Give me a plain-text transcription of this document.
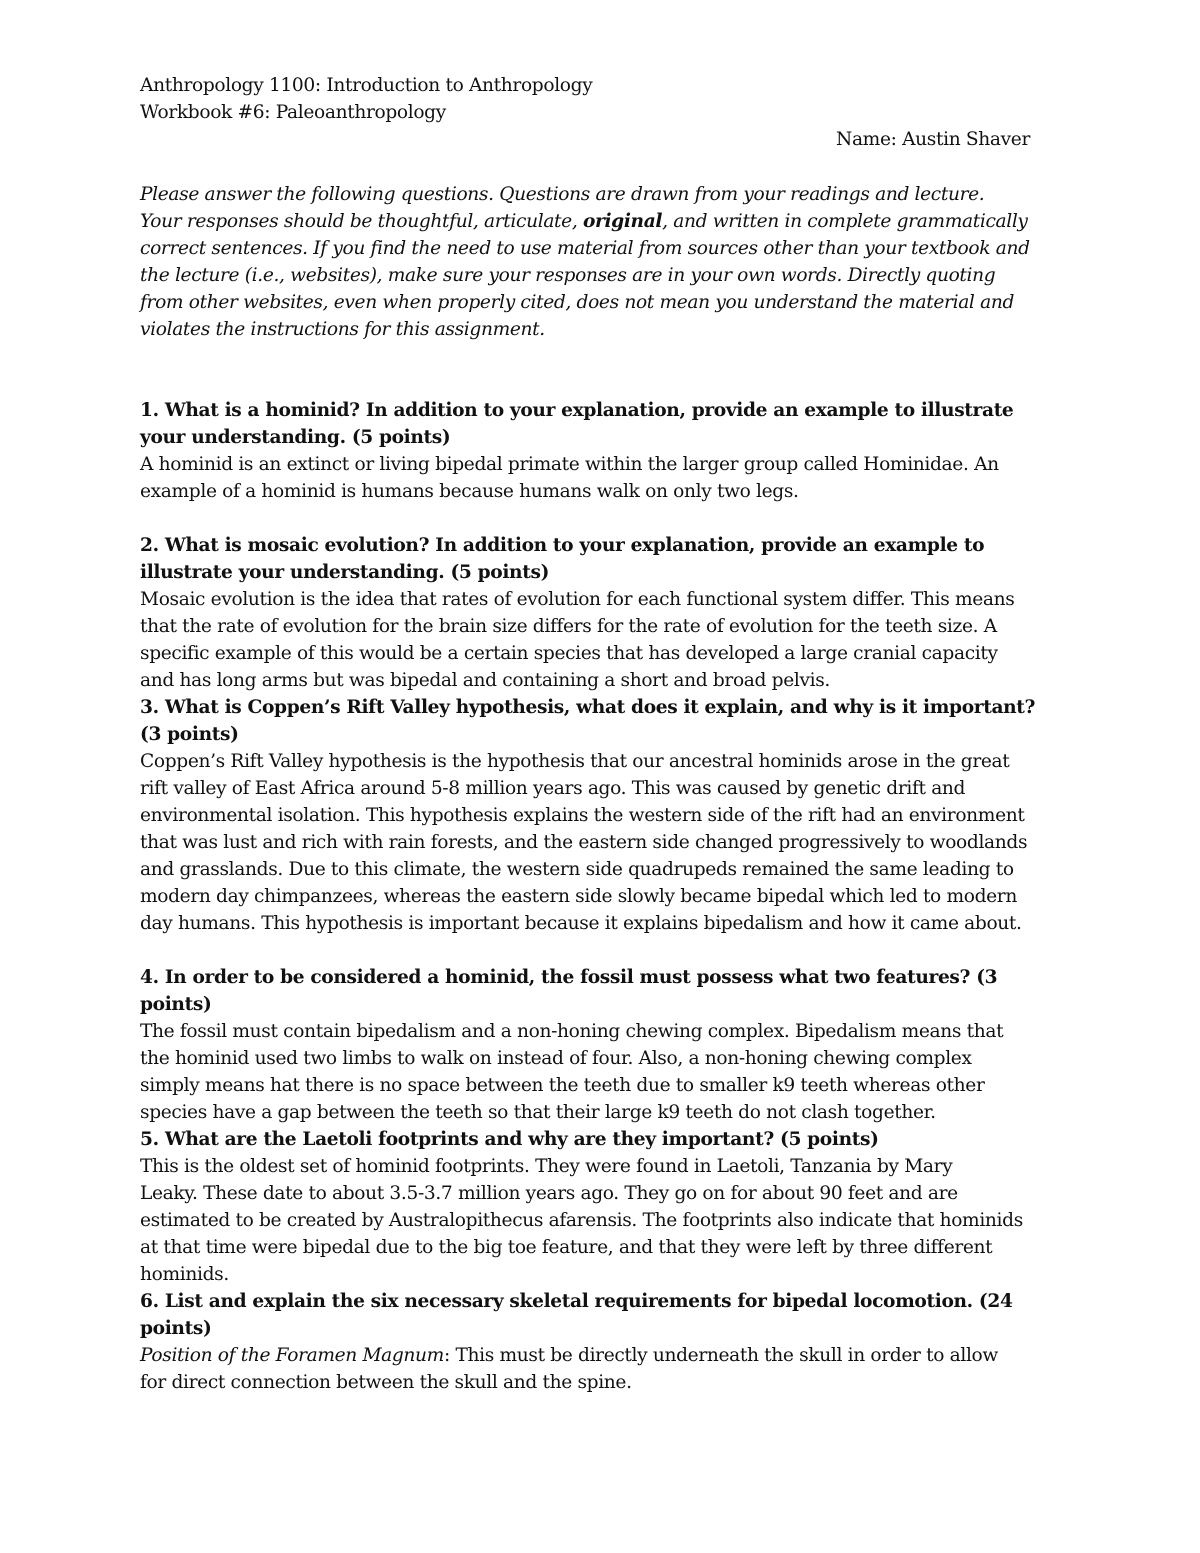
Anthropology 1100: Introduction to Anthropology
Workbook #6: Paleoanthropology
Name: Austin Shaver
Please answer the following questions. Questions are drawn from your readings and lecture.
Your responses should be thoughtful, articulate, original, and written in complete grammatically
correct sentences. If you find the need to use material from sources other than your textbook and
the lecture (i.e., websites), make sure your responses are in your own words. Directly quoting
from other websites, even when properly cited, does not mean you understand the material and
violates the instructions for this assignment.
1. What is a hominid? In addition to your explanation, provide an example to illustrate
your understanding. (5 points)
A hominid is an extinct or living bipedal primate within the larger group called Hominidae. An
example of a hominid is humans because humans walk on only two legs.
2. What is mosaic evolution? In addition to your explanation, provide an example to
illustrate your understanding. (5 points)
Mosaic evolution is the idea that rates of evolution for each functional system differ. This means
that the rate of evolution for the brain size differs for the rate of evolution for the teeth size. A
specific example of this would be a certain species that has developed a large cranial capacity
and has long arms but was bipedal and containing a short and broad pelvis.
3. What is Coppen’s Rift Valley hypothesis, what does it explain, and why is it important?
(3 points)
Coppen’s Rift Valley hypothesis is the hypothesis that our ancestral hominids arose in the great
rift valley of East Africa around 5-8 million years ago. This was caused by genetic drift and
environmental isolation. This hypothesis explains the western side of the rift had an environment
that was lust and rich with rain forests, and the eastern side changed progressively to woodlands
and grasslands. Due to this climate, the western side quadrupeds remained the same leading to
modern day chimpanzees, whereas the eastern side slowly became bipedal which led to modern
day humans. This hypothesis is important because it explains bipedalism and how it came about.
4. In order to be considered a hominid, the fossil must possess what two features? (3
points)
The fossil must contain bipedalism and a non-honing chewing complex. Bipedalism means that
the hominid used two limbs to walk on instead of four. Also, a non-honing chewing complex
simply means hat there is no space between the teeth due to smaller k9 teeth whereas other
species have a gap between the teeth so that their large k9 teeth do not clash together.
5. What are the Laetoli footprints and why are they important? (5 points)
This is the oldest set of hominid footprints. They were found in Laetoli, Tanzania by Mary
Leaky. These date to about 3.5-3.7 million years ago. They go on for about 90 feet and are
estimated to be created by Australopithecus afarensis. The footprints also indicate that hominids
at that time were bipedal due to the big toe feature, and that they were left by three different
hominids.
6. List and explain the six necessary skeletal requirements for bipedal locomotion. (24
points)
Position of the Foramen Magnum: This must be directly underneath the skull in order to allow
for direct connection between the skull and the spine.
